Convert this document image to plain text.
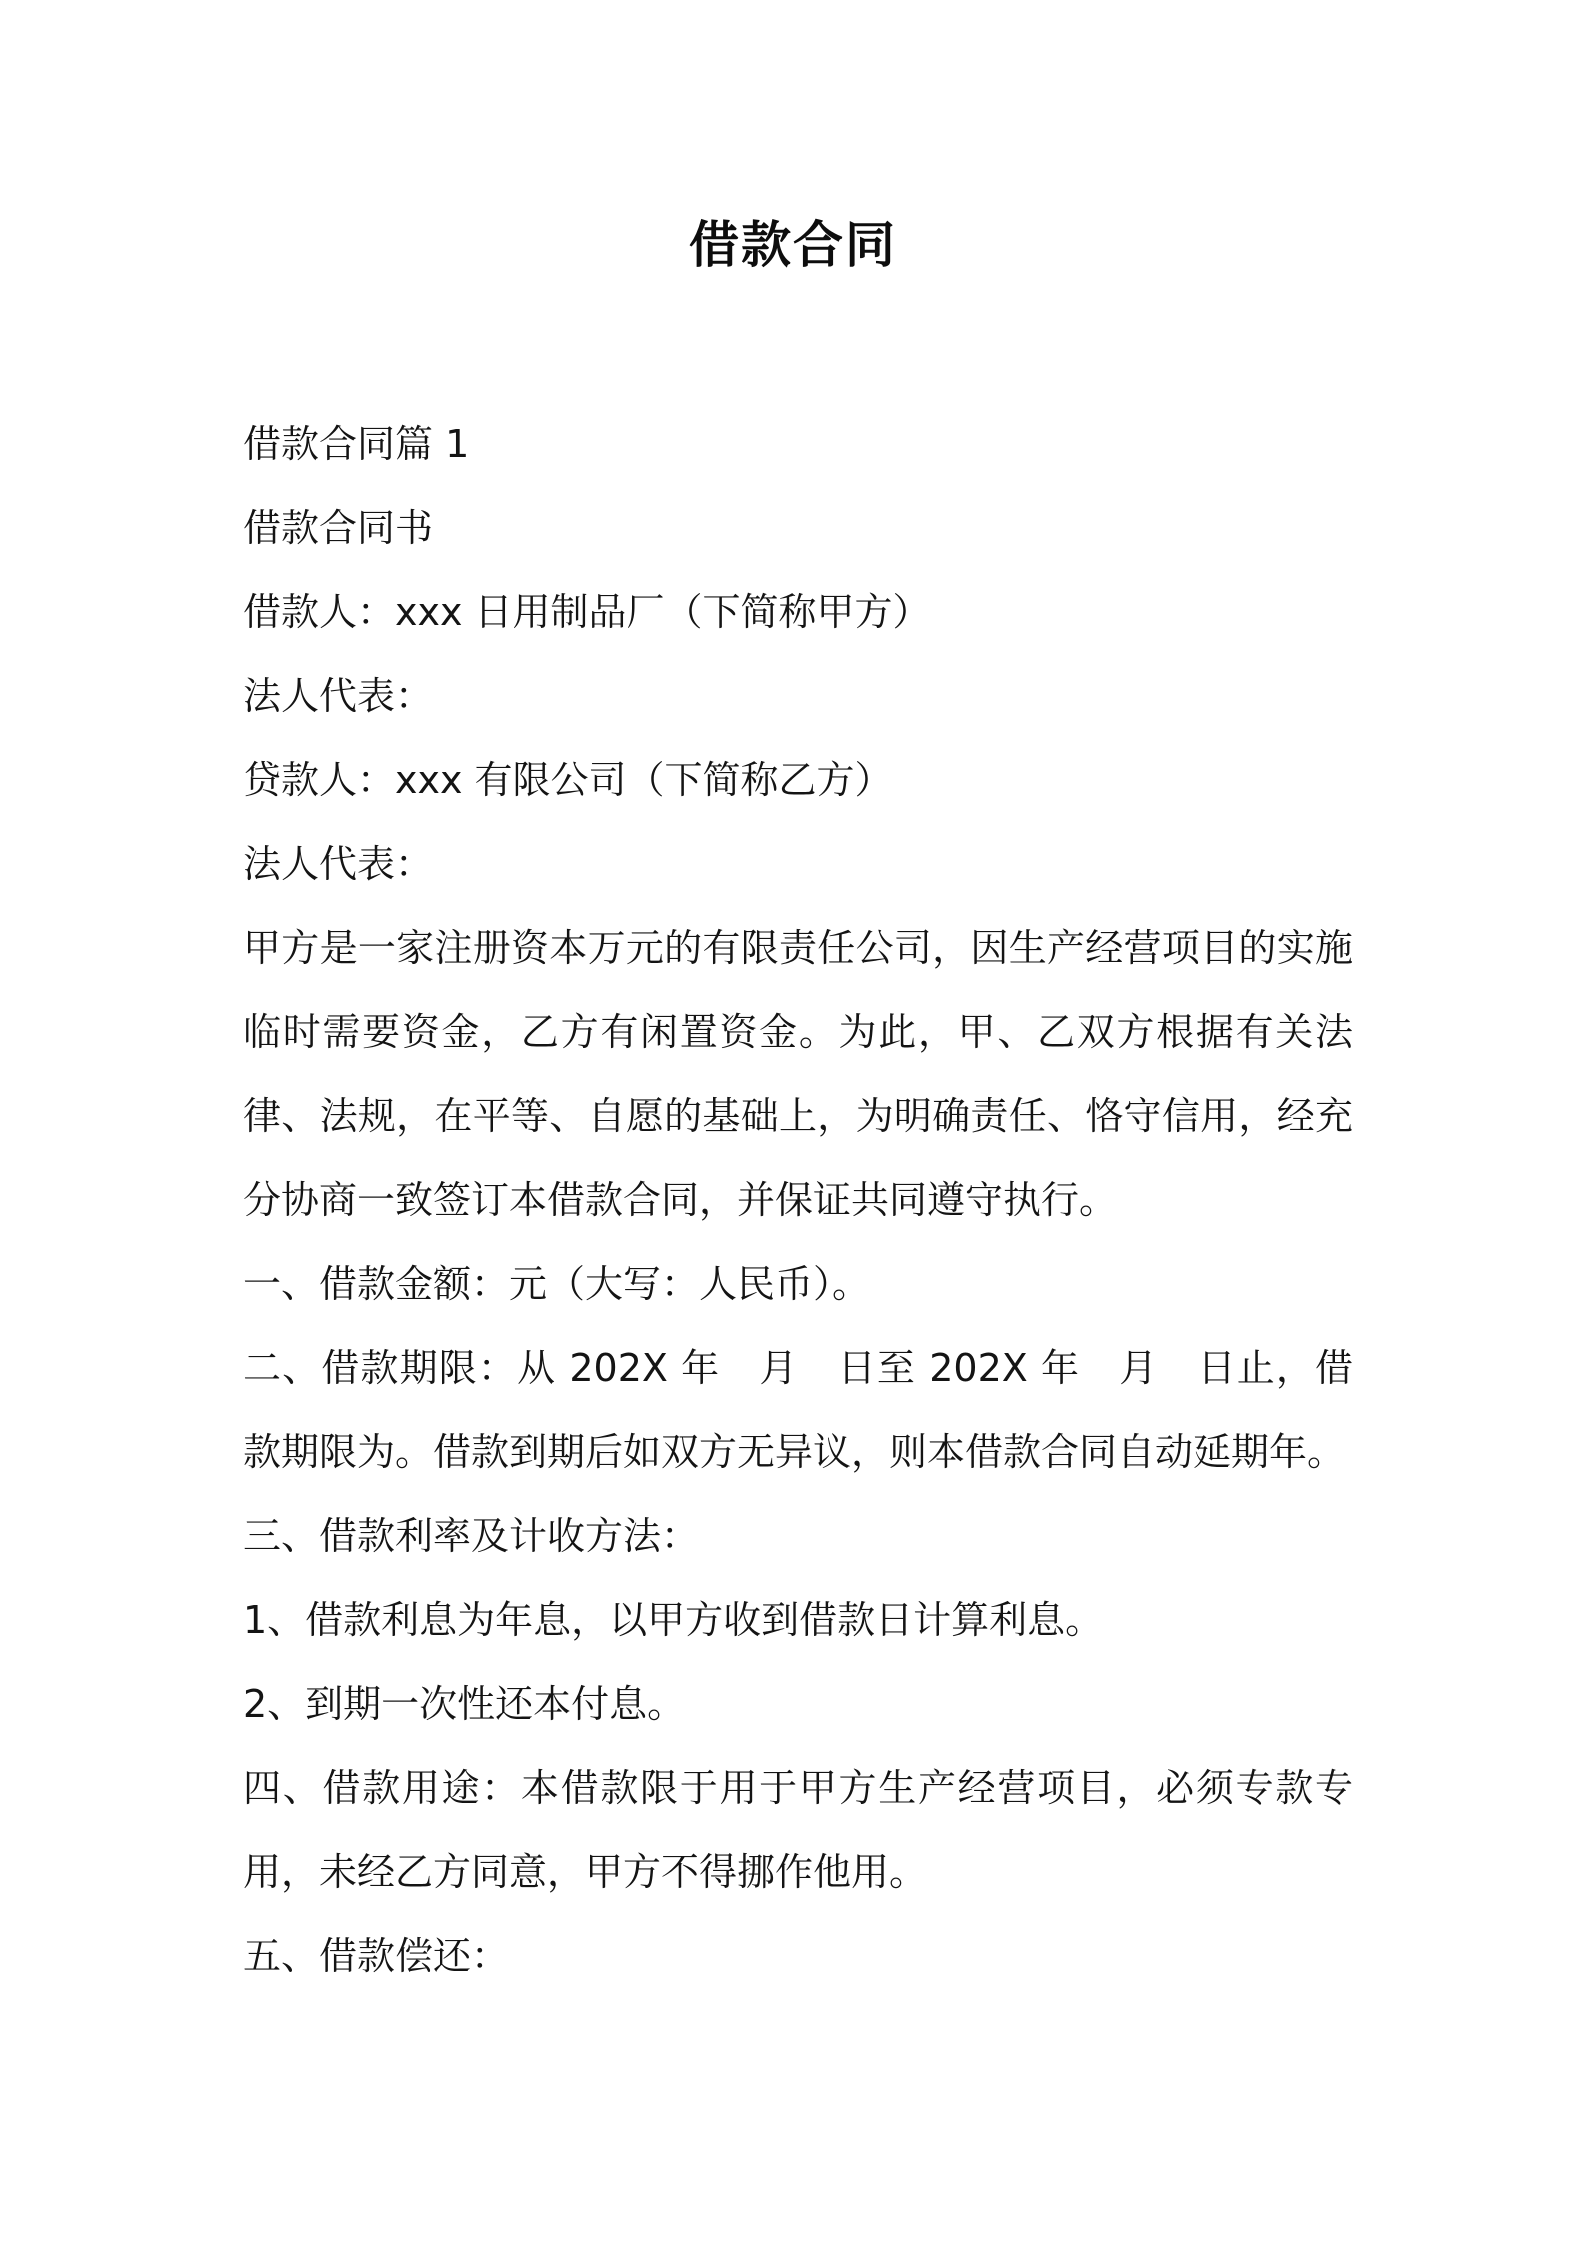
借款合同

借款合同篇 1

借款合同书

借款人：xxx 日用制品厂（下简称甲方）

法人代表：

贷款人：xxx 有限公司（下简称乙方）

法人代表：

甲方是一家注册资本万元的有限责任公司，因生产经营项目的实施临时需要资金，乙方有闲置资金。为此，甲、乙双方根据有关法律、法规，在平等、自愿的基础上，为明确责任、恪守信用，经充分协商一致签订本借款合同，并保证共同遵守执行。

一、借款金额：元（大写：人民币）。

二、借款期限：从 202X 年　月　日至 202X 年　月　日止，借款期限为。借款到期后如双方无异议，则本借款合同自动延期年。

三、借款利率及计收方法：

1、借款利息为年息，以甲方收到借款日计算利息。

2、到期一次性还本付息。

四、借款用途：本借款限于用于甲方生产经营项目，必须专款专用，未经乙方同意，甲方不得挪作他用。

五、借款偿还：
